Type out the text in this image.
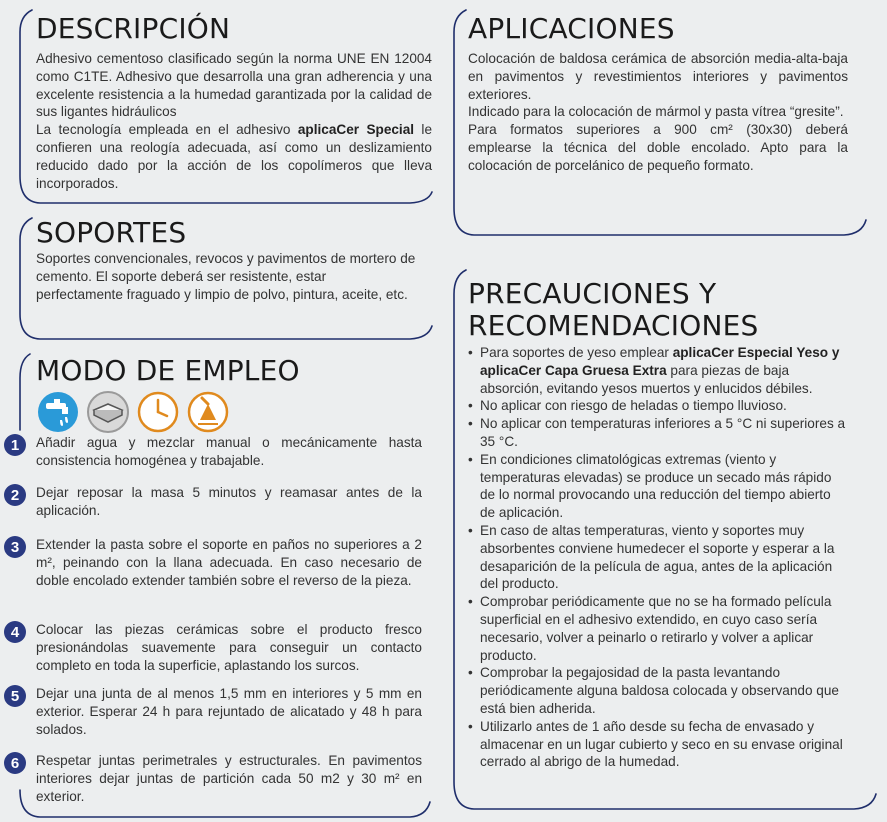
DESCRIPCIÓN

Adhesivo cementoso clasificado según la norma UNE EN 12004 como C1TE. Adhesivo que desarrolla una gran adherencia y una excelente resistencia a la humedad garantizada por la calidad de sus ligantes hidráulicos

La tecnología empleada en el adhesivo aplicaCer Special le confieren una reología adecuada, así como un deslizamiento reducido dado por la acción de los copolímeros que lleva incorporados.

SOPORTES
Soportes convencionales, revocos y pavimentos de mortero de cemento. El soporte deberá ser resistente, estar perfectamente fraguado y limpio de polvo, pintura, aceite, etc.
MODO DE EMPLEO
1	Añadir agua y mezclar manual o mecánicamente hasta consistencia homogénea y trabajable.
2	Dejar reposar la masa 5 minutos y reamasar antes de la aplicación.
3	Extender la pasta sobre el soporte en paños no superiores a 2 m², peinando con la llana adecuada. En caso necesario de doble encolado extender también sobre el reverso de la pieza.
4	Colocar las piezas cerámicas sobre el producto fresco presionándolas suavemente para conseguir un contacto completo en toda la superficie, aplastando los surcos.
5	Dejar una junta de al menos 1,5 mm en interiores y 5 mm en exterior. Esperar 24 h para rejuntado de alicatado y 48 h para solados.
6	Respetar juntas perimetrales y estructurales. En pavimentos interiores dejar juntas de partición cada 50 m2 y 30 m² en exterior.
APLICACIONES

Colocación de baldosa cerámica de absorción media-alta-baja en pavimentos y revestimientos interiores y pavimentos exteriores.

Indicado para la colocación de mármol y pasta vítrea “gresite”.

Para formatos superiores a 900 cm² (30x30) deberá emplearse la técnica del doble encolado. Apto para la colocación de porcelánico de pequeño formato.

PRECAUCIONES Y RECOMENDACIONES
• Para soportes de yeso emplear aplicaCer Especial Yeso y aplicaCer Capa Gruesa Extra para piezas de baja absorción, evitando yesos muertos y enlucidos débiles.
• No aplicar con riesgo de heladas o tiempo lluvioso.
• No aplicar con temperaturas inferiores a 5 °C ni superiores a 35 °C.
• En condiciones climatológicas extremas (viento y temperaturas elevadas) se produce un secado más rápido de lo normal provocando una reducción del tiempo abierto de aplicación.
• En caso de altas temperaturas, viento y soportes muy absorbentes conviene humedecer el soporte y esperar a la desaparición de la película de agua, antes de la aplicación del producto.
• Comprobar periódicamente que no se ha formado película superficial en el adhesivo extendido, en cuyo caso sería necesario, volver a peinarlo o retirarlo y volver a aplicar producto.
• Comprobar la pegajosidad de la pasta levantando periódicamente alguna baldosa colocada y observando que está bien adherida.
• Utilizarlo antes de 1 año desde su fecha de envasado y almacenar en un lugar cubierto y seco en su envase original cerrado al abrigo de la humedad.
